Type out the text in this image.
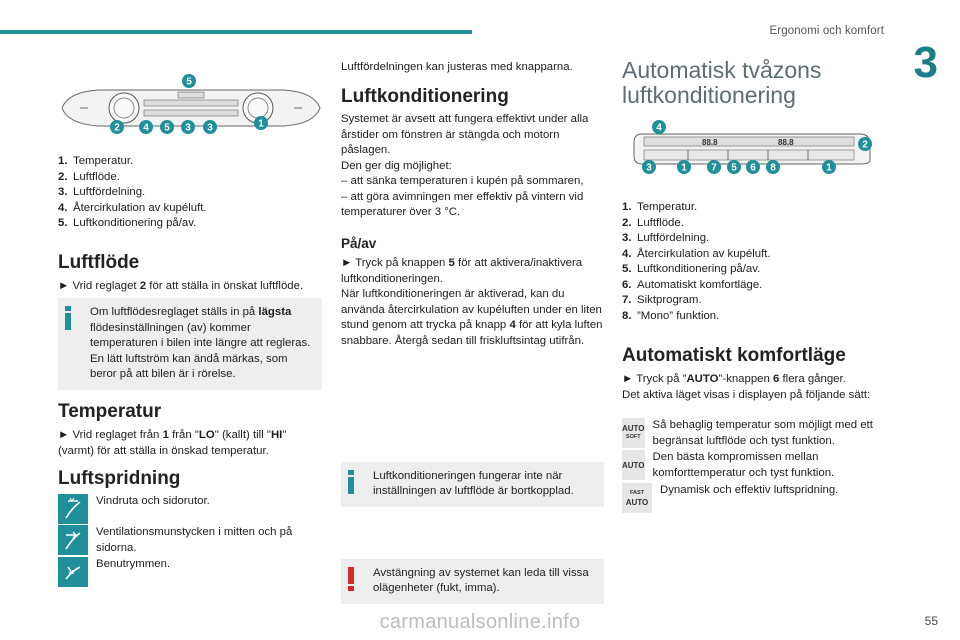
Ergonomi och komfort
3
5
2 4 5 3 3	1
1. Temperatur.
2. Luftflöde.
3. Luftfördelning.
4. Återcirkulation av kupéluft.
5. Luftkonditionering på/av.
Luftflöde
► Vrid reglaget 2 för att ställa in önskat luftflöde.
Om luftflödesreglaget ställs in på lägsta flödesinställningen (av) kommer temperaturen i bilen inte längre att regleras. En lätt luftström kan ändå märkas, som beror på att bilen är i rörelse.
Temperatur
► Vrid reglaget från 1 från "LO" (kallt) till "HI" (varmt) för att ställa in önskad temperatur.
Luftspridning
Vindruta och sidorutor.
Ventilationsmunstycken i mitten och på sidorna.
Benutrymmen.
Luftfördelningen kan justeras med knapparna.
Luftkonditionering

Systemet är avsett att fungera effektivt under alla årstider om fönstren är stängda och motorn påslagen.

Den ger dig möjlighet:

– att sänka temperaturen i kupén på sommaren,

– att göra avimningen mer effektiv på vintern vid temperaturer över 3 °C.

På/av
► Tryck på knappen 5 för att aktivera/inaktivera luftkonditioneringen.
När luftkonditioneringen är aktiverad, kan du använda återcirkulation av kupéluften under en liten stund genom att trycka på knapp 4 för att kyla luften snabbare. Återgå sedan till friskluftsintag utifrån.
Luftkonditioneringen fungerar inte när inställningen av luftflöde är bortkopplad.
Avstängning av systemet kan leda till vissa olägenheter (fukt, imma).
Automatisk tvåzons
luftkonditionering
88.8	88.8
4
2
3	1 7 5 6 8	1
1. Temperatur.
2. Luftflöde.
3. Luftfördelning.
4. Återcirkulation av kupéluft.
5. Luftkonditionering på/av.
6. Automatiskt komfortläge.
7. Siktprogram.
8. ”Mono” funktion.
Automatiskt komfortläge
► Tryck på ”AUTO”-knappen 6 flera gånger.
Det aktiva läget visas i displayen på följande sätt:
AUTO
SOFT
Så behaglig temperatur som möjligt med ett begränsat luftflöde och tyst funktion.
AUTO
Den bästa kompromissen mellan komforttemperatur och tyst funktion.
FAST
AUTO
Dynamisk och effektiv luftspridning.
55
carmanualsonline.info
